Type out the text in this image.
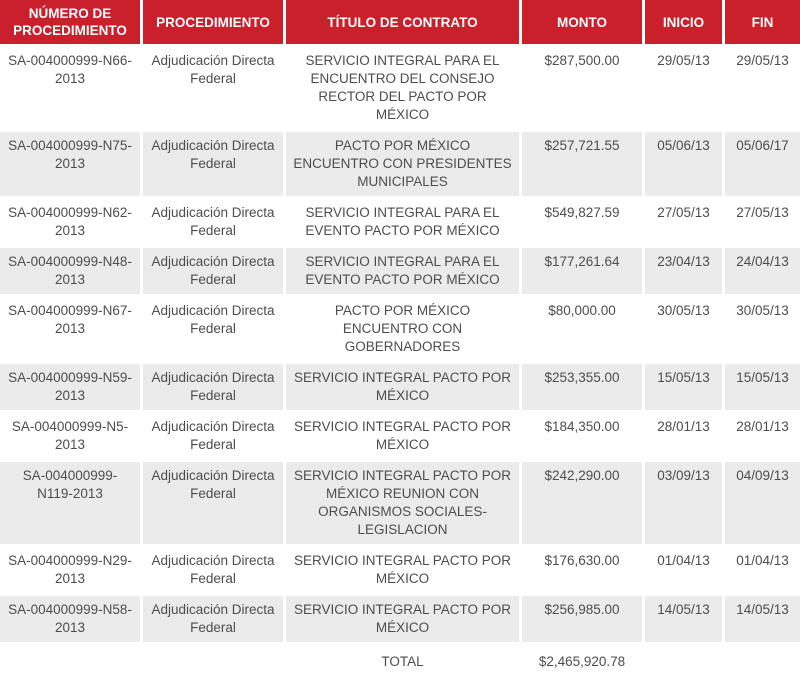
NÚMERO DE PROCEDIMIENTO	PROCEDIMIENTO	TÍTULO DE CONTRATO	MONTO	INICIO	FIN
SA-004000999-N66-2013	Adjudicación Directa Federal	SERVICIO INTEGRAL PARA EL ENCUENTRO DEL CONSEJO RECTOR DEL PACTO POR MÉXICO	$287,500.00	29/05/13	29/05/13
SA-004000999-N75-2013	Adjudicación Directa Federal	PACTO POR MÉXICO ENCUENTRO CON PRESIDENTES MUNICIPALES	$257,721.55	05/06/13	05/06/17
SA-004000999-N62-2013	Adjudicación Directa Federal	SERVICIO INTEGRAL PARA EL EVENTO PACTO POR MÉXICO	$549,827.59	27/05/13	27/05/13
SA-004000999-N48-2013	Adjudicación Directa Federal	SERVICIO INTEGRAL PARA EL EVENTO PACTO POR MÉXICO	$177,261.64	23/04/13	24/04/13
SA-004000999-N67-2013	Adjudicación Directa Federal	PACTO POR MÉXICO ENCUENTRO CON GOBERNADORES	$80,000.00	30/05/13	30/05/13
SA-004000999-N59-2013	Adjudicación Directa Federal	SERVICIO INTEGRAL PACTO POR MÉXICO	$253,355.00	15/05/13	15/05/13
SA-004000999-N5-2013	Adjudicación Directa Federal	SERVICIO INTEGRAL PACTO POR MÉXICO	$184,350.00	28/01/13	28/01/13
SA-004000999-N119-2013	Adjudicación Directa Federal	SERVICIO INTEGRAL PACTO POR MÉXICO REUNION CON ORGANISMOS SOCIALES-LEGISLACION	$242,290.00	03/09/13	04/09/13
SA-004000999-N29-2013	Adjudicación Directa Federal	SERVICIO INTEGRAL PACTO POR MÉXICO	$176,630.00	01/04/13	01/04/13
SA-004000999-N58-2013	Adjudicación Directa Federal	SERVICIO INTEGRAL PACTO POR MÉXICO	$256,985.00	14/05/13	14/05/13
		TOTAL	$2,465,920.78		
